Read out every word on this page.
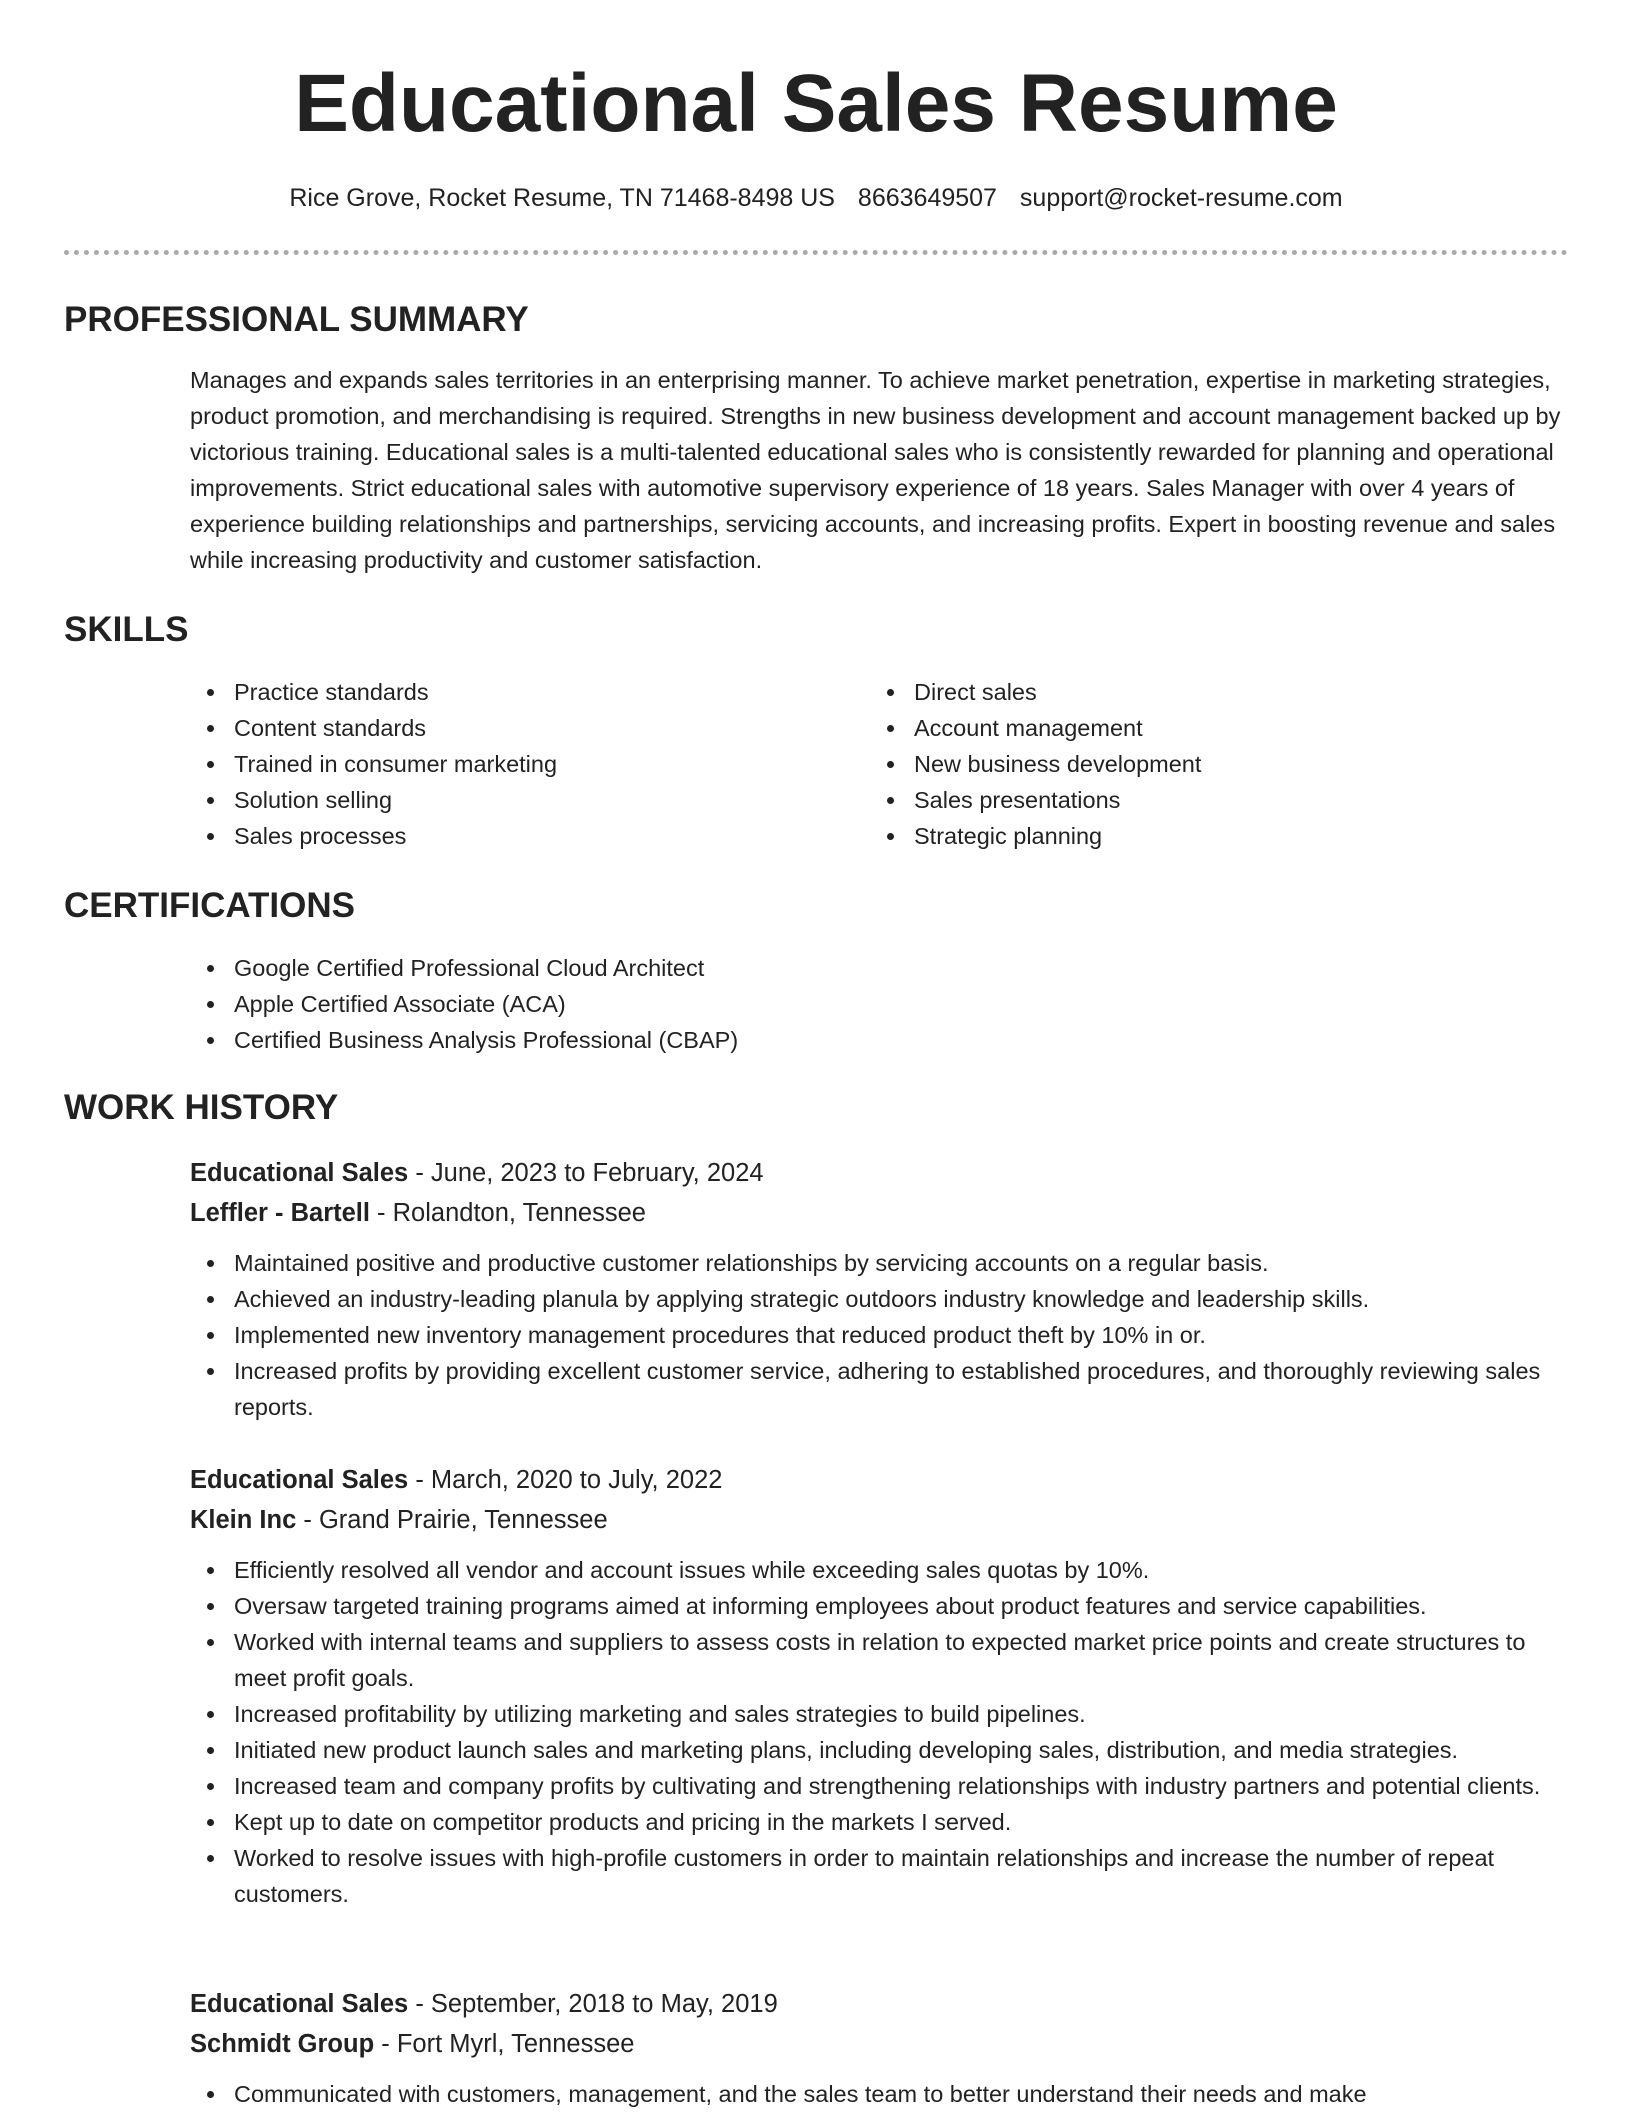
Educational Sales Resume
Rice Grove, Rocket Resume, TN 71468-8498 US 8663649507 support@rocket-resume.com
PROFESSIONAL SUMMARY
Manages and expands sales territories in an enterprising manner. To achieve market penetration, expertise in marketing strategies, product promotion, and merchandising is required. Strengths in new business development and account management backed up by victorious training. Educational sales is a multi-talented educational sales who is consistently rewarded for planning and operational improvements. Strict educational sales with automotive supervisory experience of 18 years. Sales Manager with over 4 years of experience building relationships and partnerships, servicing accounts, and increasing profits. Expert in boosting revenue and sales while increasing productivity and customer satisfaction.
SKILLS
Practice standards
Content standards
Trained in consumer marketing
Solution selling
Sales processes
Direct sales
Account management
New business development
Sales presentations
Strategic planning
CERTIFICATIONS
Google Certified Professional Cloud Architect
Apple Certified Associate (ACA)
Certified Business Analysis Professional (CBAP)
WORK HISTORY
Educational Sales - June, 2023 to February, 2024
Leffler - Bartell - Rolandton, Tennessee
Maintained positive and productive customer relationships by servicing accounts on a regular basis.
Achieved an industry-leading planula by applying strategic outdoors industry knowledge and leadership skills.
Implemented new inventory management procedures that reduced product theft by 10% in or.
Increased profits by providing excellent customer service, adhering to established procedures, and thoroughly reviewing sales reports.
Educational Sales - March, 2020 to July, 2022
Klein Inc - Grand Prairie, Tennessee
Efficiently resolved all vendor and account issues while exceeding sales quotas by 10%.
Oversaw targeted training programs aimed at informing employees about product features and service capabilities.
Worked with internal teams and suppliers to assess costs in relation to expected market price points and create structures to meet profit goals.
Increased profitability by utilizing marketing and sales strategies to build pipelines.
Initiated new product launch sales and marketing plans, including developing sales, distribution, and media strategies.
Increased team and company profits by cultivating and strengthening relationships with industry partners and potential clients.
Kept up to date on competitor products and pricing in the markets I served.
Worked to resolve issues with high-profile customers in order to maintain relationships and increase the number of repeat customers.
Educational Sales - September, 2018 to May, 2019
Schmidt Group - Fort Myrl, Tennessee
Communicated with customers, management, and the sales team to better understand their needs and make
